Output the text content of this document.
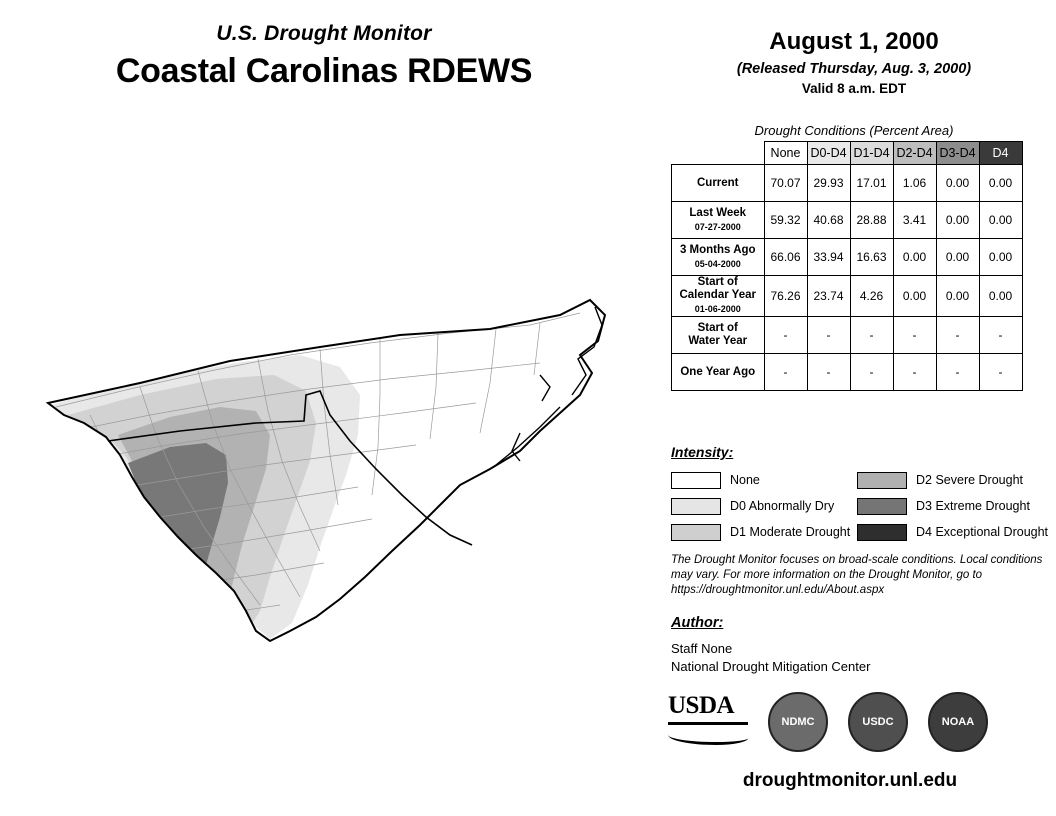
U.S. Drought Monitor
Coastal Carolinas RDEWS
August 1, 2000
(Released Thursday, Aug. 3, 2000)
Valid 8 a.m. EDT
Drought Conditions (Percent Area)
	None	D0-D4	D1-D4	D2-D4	D3-D4	D4
Current	70.07	29.93	17.01	1.06	0.00	0.00
Last Week
07-27-2000	59.32	40.68	28.88	3.41	0.00	0.00
3 Months Ago
05-04-2000	66.06	33.94	16.63	0.00	0.00	0.00
Start of
Calendar Year
01-06-2000	76.26	23.74	4.26	0.00	0.00	0.00
Start of
Water Year	-	-	-	-	-	-
One Year Ago	-	-	-	-	-	-
Intensity:
None
D0 Abnormally Dry
D1 Moderate Drought
D2 Severe Drought
D3 Extreme Drought
D4 Exceptional Drought
The Drought Monitor focuses on broad-scale conditions. Local conditions may vary. For more information on the Drought Monitor, go to https://droughtmonitor.unl.edu/About.aspx
Author:
Staff None
National Drought Mitigation Center
USDA
NDMC	USDC	NOAA
droughtmonitor.unl.edu
